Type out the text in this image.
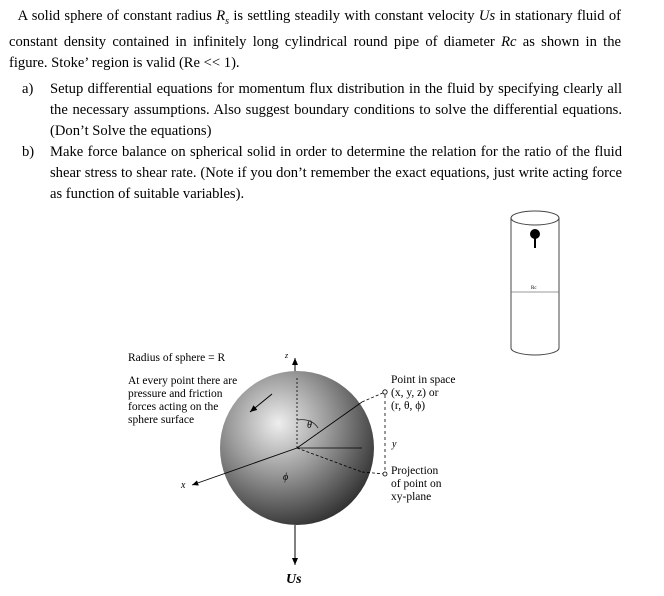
A solid sphere of constant radius $R_s$ is settling steadily with constant velocity Us in stationary fluid of constant density contained in infinitely long cylindrical round pipe of diameter Rc as shown in the figure. Stoke’ region is valid (Re << 1).
a)	Setup differential equations for momentum flux distribution in the fluid by specifying clearly all the necessary assumptions. Also suggest boundary conditions to solve the differential equations. (Don’t Solve the equations)
b)	Make force balance on spherical solid in order to determine the relation for the ratio of the fluid shear stress to shear rate. (Note if you don’t remember the exact equations, just write acting force as function of suitable variables).
Rc
Radius of sphere = R
At every point there are
pressure and friction
forces acting on the
sphere surface
z
x
θ
ϕ
y
Point in space
(x, y, z) or
(r, θ, ϕ)
Projection
of point on
xy-plane
Us
